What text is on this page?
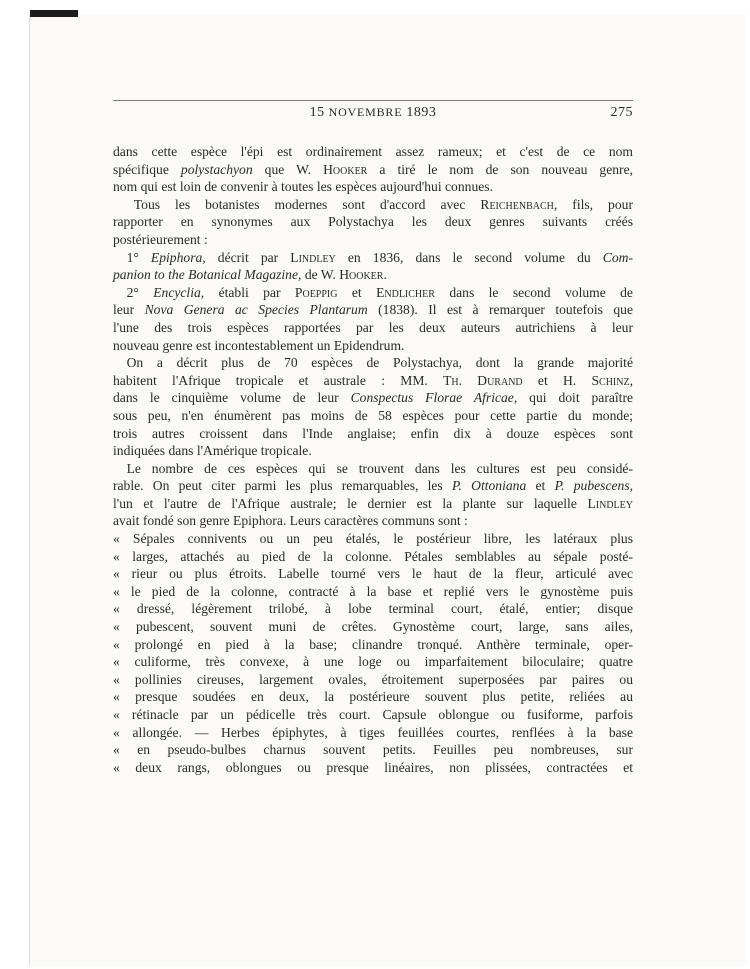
15 NOVEMBRE 1893	275

dans cette espèce l'épi est ordinairement assez rameux; et c'est de ce nom
spécifique polystachyon que W. Hooker a tiré le nom de son nouveau genre,
nom qui est loin de convenir à toutes les espèces aujourd'hui connues.

 Tous les botanistes modernes sont d'accord avec Reichenbach, fils, pour
rapporter en synonymes aux Polystachya les deux genres suivants créés
postérieurement :

  1° Epiphora, décrit par Lindley en 1836, dans le second volume du Com-
panion to the Botanical Magazine, de W. Hooker.

  2° Encyclia, établi par Poeppig et Endlicher dans le second volume de
leur Nova Genera ac Species Plantarum (1838). Il est à remarquer toutefois que
l'une des trois espèces rapportées par les deux auteurs autrichiens à leur
nouveau genre est incontestablement un Epidendrum.

  On a décrit plus de 70 espèces de Polystachya, dont la grande majorité
habitent l'Afrique tropicale et australe : MM. Th. Durand et H. Schinz,
dans le cinquième volume de leur Conspectus Florae Africae, qui doit paraître
sous peu, n'en énumèrent pas moins de 58 espèces pour cette partie du monde;
trois autres croissent dans l'Inde anglaise; enfin dix à douze espèces sont
indiquées dans l'Amérique tropicale.

  Le nombre de ces espèces qui se trouvent dans les cultures est peu considé-
rable. On peut citer parmi les plus remarquables, les P. Ottoniana et P. pubescens,
l'un et l'autre de l'Afrique australe; le dernier est la plante sur laquelle Lindley
avait fondé son genre Epiphora. Leurs caractères communs sont :

« Sépales connivents ou un peu étalés, le postérieur libre, les latéraux plus
« larges, attachés au pied de la colonne. Pétales semblables au sépale posté-
« rieur ou plus étroits. Labelle tourné vers le haut de la fleur, articulé avec
« le pied de la colonne, contracté à la base et replié vers le gynostème puis
« dressé, légèrement trilobé, à lobe terminal court, étalé, entier; disque
« pubescent, souvent muni de crêtes. Gynostème court, large, sans ailes,
« prolongé en pied à la base; clinandre tronqué. Anthère terminale, oper-
« culiforme, très convexe, à une loge ou imparfaitement biloculaire; quatre
« pollinies cireuses, largement ovales, étroitement superposées par paires ou
« presque soudées en deux, la postérieure souvent plus petite, reliées au
« rétinacle par un pédicelle très court. Capsule oblongue ou fusiforme, parfois
« allongée. — Herbes épiphytes, à tiges feuillées courtes, renflées à la base
« en pseudo-bulbes charnus souvent petits. Feuilles peu nombreuses, sur
« deux rangs, oblongues ou presque linéaires, non plissées, contractées et
